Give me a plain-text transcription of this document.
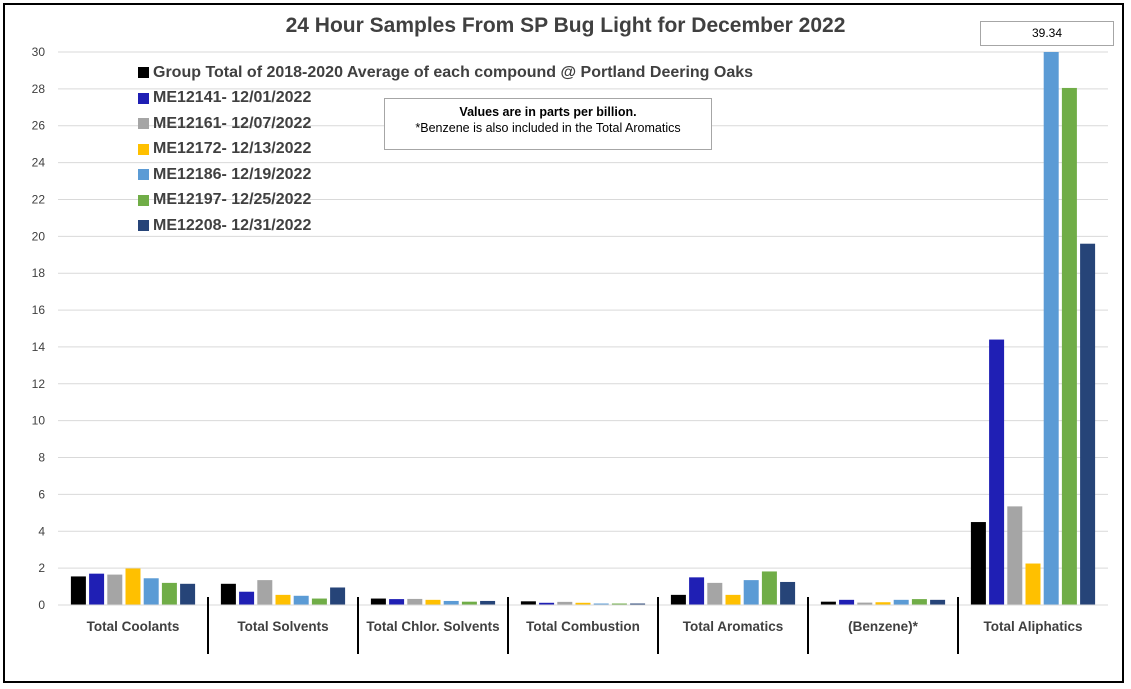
24 Hour Samples From SP Bug Light for December 2022
0
2
4
6
8
10
12
14
16
18
20
22
24
26
28
30
Total Coolants	Total Solvents	Total Chlor. Solvents Total Combustion	Total Aromatics	(Benzene)*	Total Aliphatics
Group Total of 2018-2020 Average of each compound @ Portland Deering Oaks
ME12141- 12/01/2022
ME12161- 12/07/2022
ME12172- 12/13/2022
ME12186- 12/19/2022
ME12197- 12/25/2022
ME12208- 12/31/2022
Values are in parts per billion.
*Benzene is also included in the Total Aromatics
39.34
